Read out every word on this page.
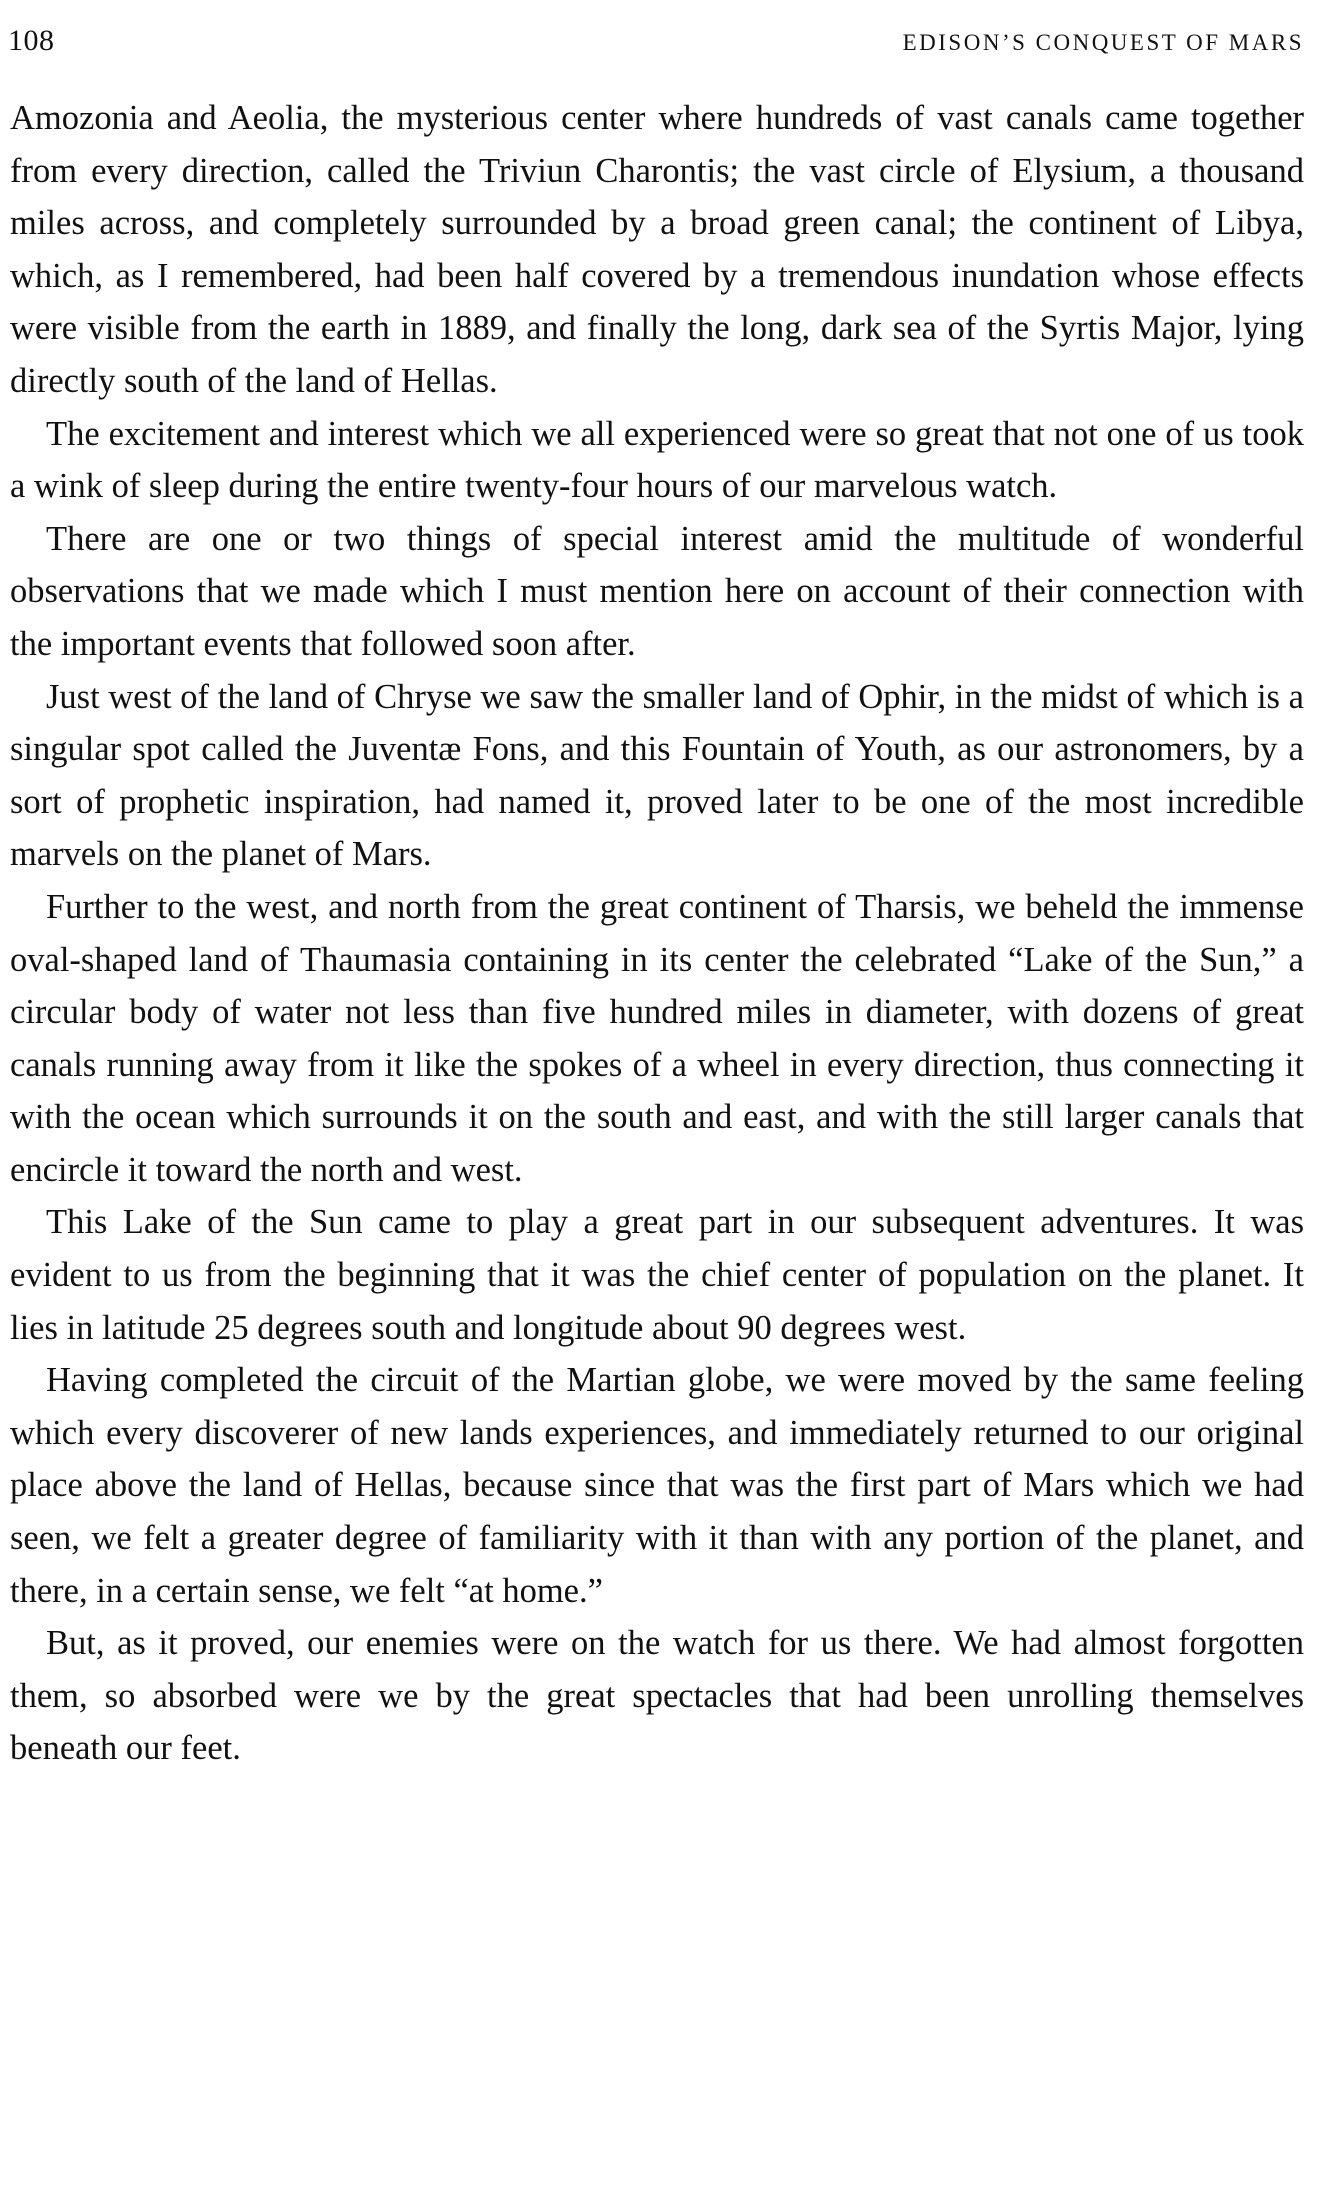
108	EDISON’S CONQUEST OF MARS

Amozonia and Aeolia, the mysterious center where hundreds of vast canals came together from every direction, called the Triviun Charontis; the vast circle of Elysium, a thousand miles across, and completely surrounded by a broad green canal; the continent of Libya, which, as I remembered, had been half covered by a tremendous inundation whose effects were visible from the earth in 1889, and finally the long, dark sea of the Syrtis Major, lying directly south of the land of Hellas.

The excitement and interest which we all experienced were so great that not one of us took a wink of sleep during the entire twenty-four hours of our marvelous watch.

There are one or two things of special interest amid the multitude of wonderful observations that we made which I must mention here on account of their connection with the important events that followed soon after.

Just west of the land of Chryse we saw the smaller land of Ophir, in the midst of which is a singular spot called the Juventæ Fons, and this Fountain of Youth, as our astronomers, by a sort of prophetic inspiration, had named it, proved later to be one of the most incredible marvels on the planet of Mars.

Further to the west, and north from the great continent of Tharsis, we beheld the immense oval-shaped land of Thaumasia containing in its center the celebrated “Lake of the Sun,” a circular body of water not less than five hundred miles in diameter, with dozens of great canals running away from it like the spokes of a wheel in every direction, thus connecting it with the ocean which surrounds it on the south and east, and with the still larger canals that encircle it toward the north and west.

This Lake of the Sun came to play a great part in our subsequent adventures. It was evident to us from the beginning that it was the chief center of population on the planet. It lies in latitude 25 degrees south and longitude about 90 degrees west.

Having completed the circuit of the Martian globe, we were moved by the same feeling which every discoverer of new lands experiences, and immediately returned to our original place above the land of Hellas, because since that was the first part of Mars which we had seen, we felt a greater degree of familiarity with it than with any portion of the planet, and there, in a certain sense, we felt “at home.”

But, as it proved, our enemies were on the watch for us there. We had almost forgotten them, so absorbed were we by the great spectacles that had been unrolling themselves beneath our feet.
